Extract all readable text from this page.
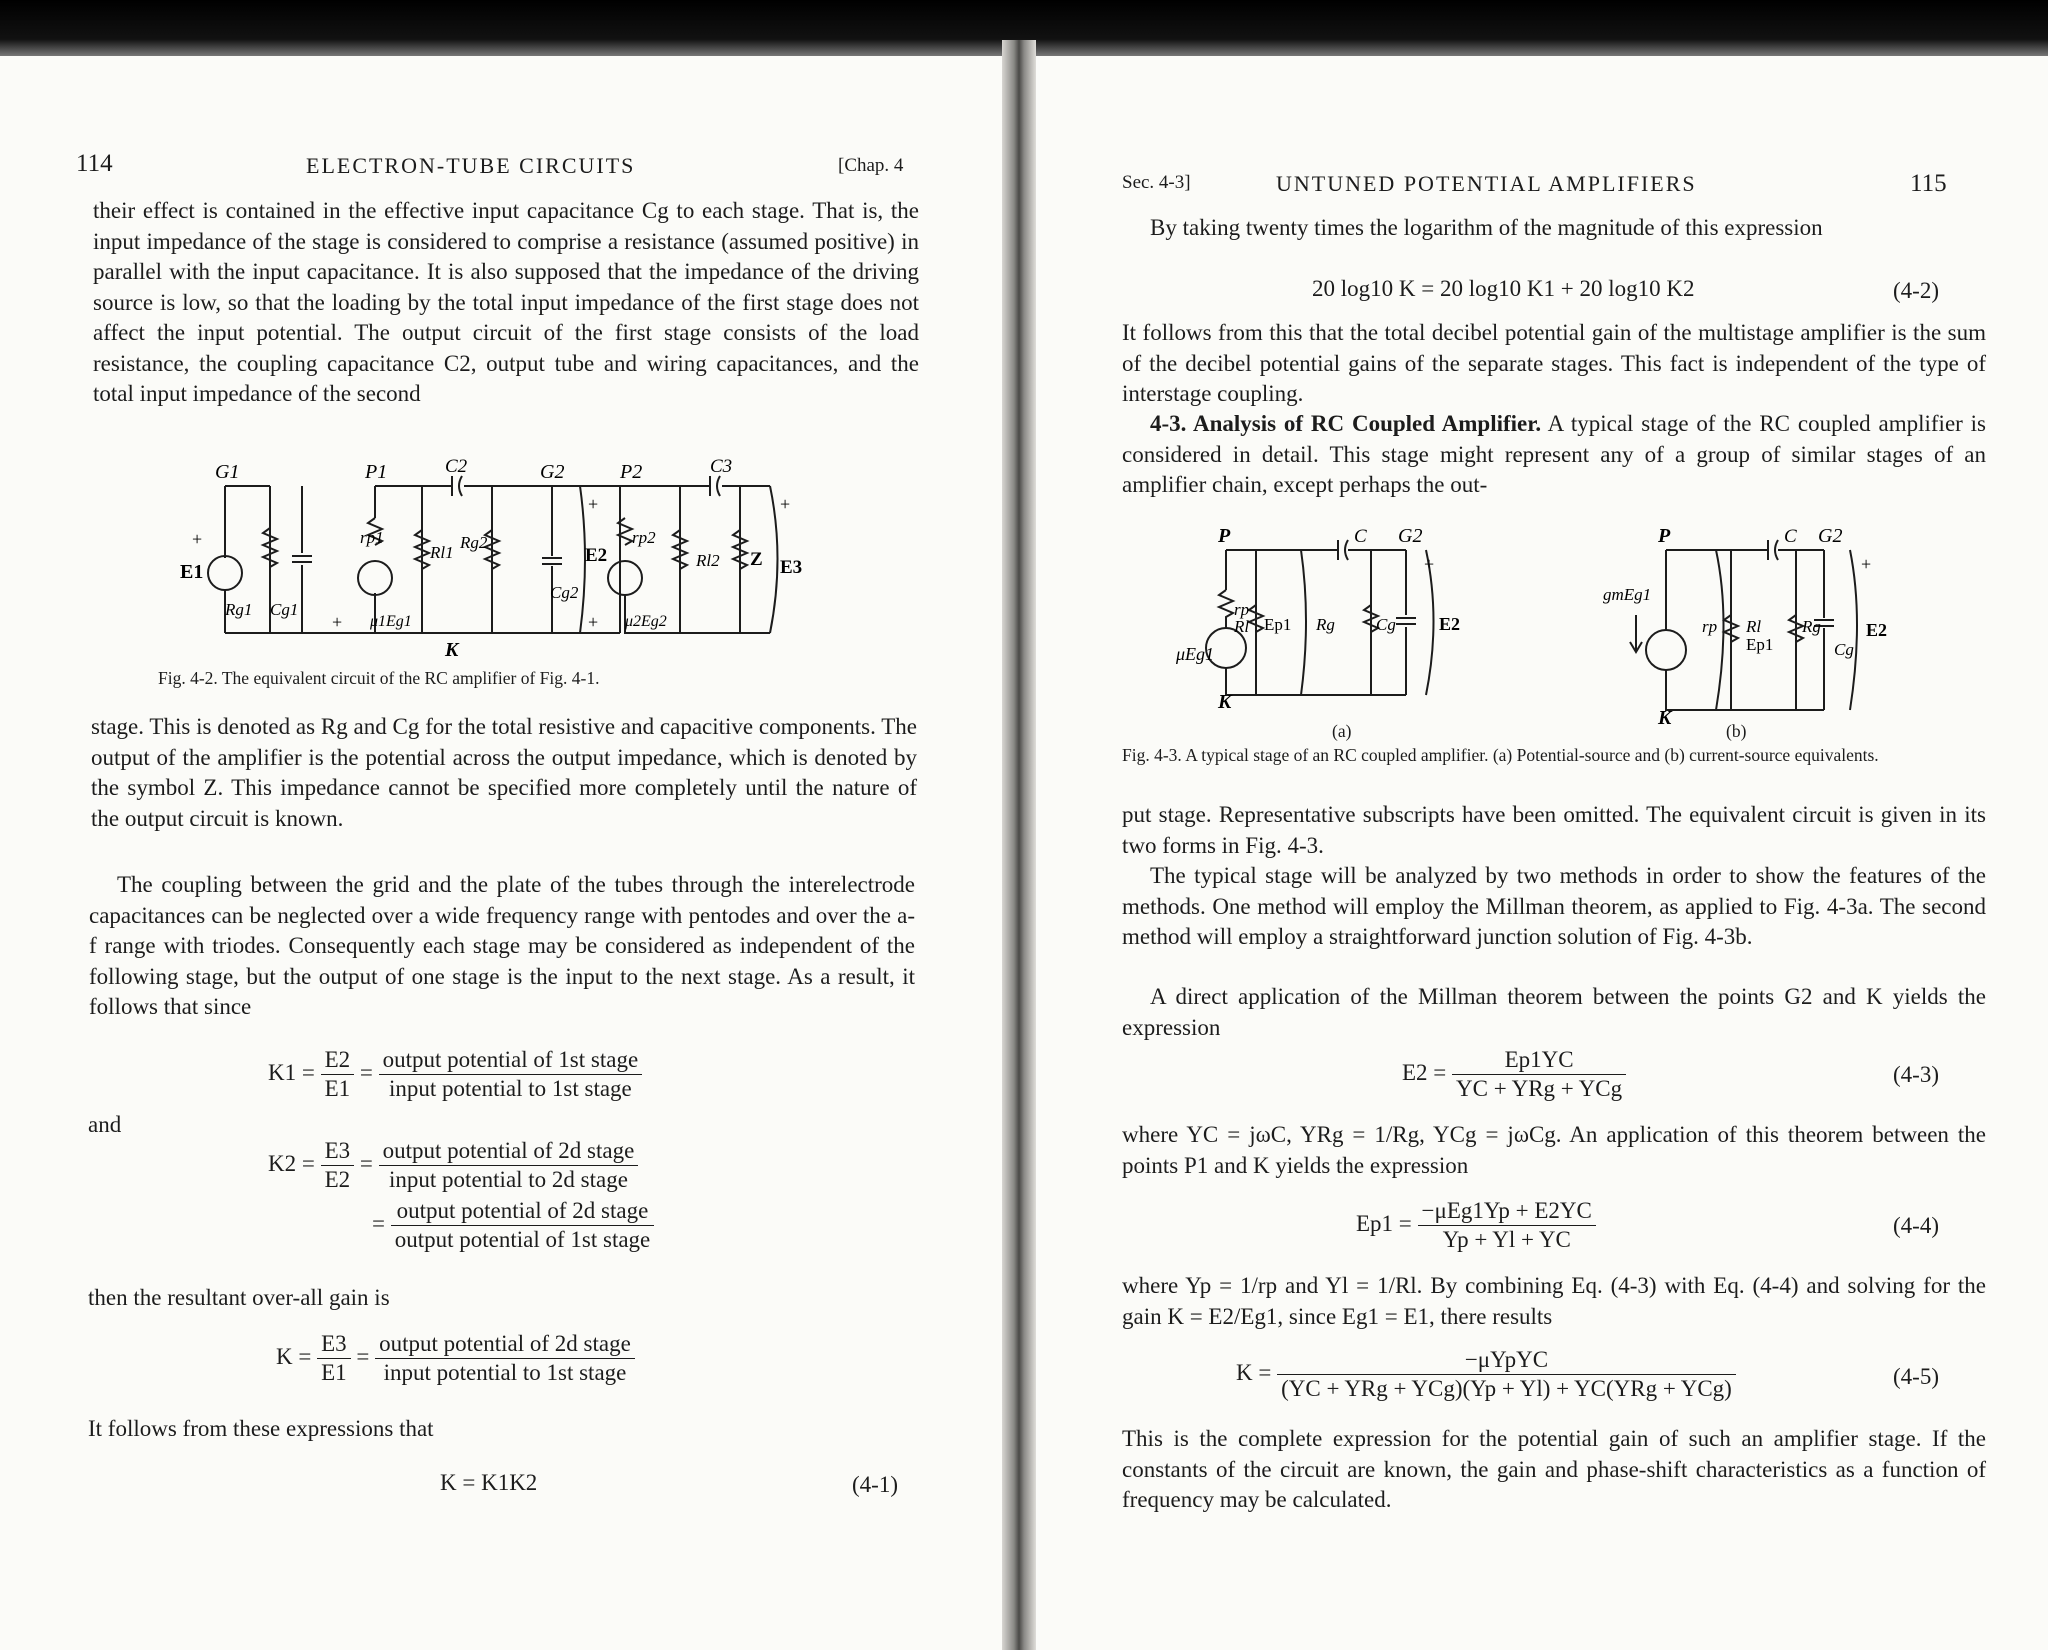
114	ELECTRON-TUBE CIRCUITS	[Chap. 4
their effect is contained in the effective input capacitance Cg to each stage. That is, the input impedance of the stage is considered to comprise a resistance (assumed positive) in parallel with the input capacitance. It is also supposed that the impedance of the driving source is low, so that the loading by the total input impedance of the first stage does not affect the input potential. The output circuit of the first stage consists of the load resistance, the coupling capacitance C2, output tube and wiring capacitances, and the total input impedance of the second
G1	P1	C2	G2	P2	C3
E1
Rg1 Cg1
rp1
μ1Eg1
Rl1
Rg2
Cg2
E2
rp2
μ2Eg2
Rl2 Z E3
K
+
+
+
+
+
Fig. 4-2. The equivalent circuit of the RC amplifier of Fig. 4-1.
stage. This is denoted as Rg and Cg for the total resistive and capacitive components. The output of the amplifier is the potential across the output impedance, which is denoted by the symbol Z. This impedance cannot be specified more completely until the nature of the output circuit is known.
The coupling between the grid and the plate of the tubes through the interelectrode capacitances can be neglected over a wide frequency range with pentodes and over the a-f range with triodes. Consequently each stage may be considered as independent of the following stage, but the output of one stage is the input to the next stage. As a result, it follows that since
$K1 = \frac{E2}{E1} = \frac{\text{output potential of 1st stage}}{\text{input potential to 1st stage}}$
and
$K2 = \frac{E3}{E2} = \frac{\text{output potential of 2d stage}}{\text{input potential to 2d stage}}$
= $\frac{\text{output potential of 2d stage}}{\text{output potential of 1st stage}}$
then the resultant over-all gain is
$K = \frac{E3}{E1} = \frac{\text{output potential of 2d stage}}{\text{input potential to 1st stage}}$
It follows from these expressions that
K = K1K2	(4-1)
Sec. 4-3]	UNTUNED POTENTIAL AMPLIFIERS	115
By taking twenty times the logarithm of the magnitude of this expression
20 log10 K = 20 log10 K1 + 20 log10 K2	(4-2)
It follows from this that the total decibel potential gain of the multistage amplifier is the sum of the decibel potential gains of the separate stages. This fact is independent of the type of interstage coupling.
4-3. Analysis of RC Coupled Amplifier. A typical stage of the RC coupled amplifier is considered in detail. This stage might represent any of a group of similar stages of an amplifier chain, except perhaps the out-
P	C G2
rp
Rl Ep1 Rg Cg E2
μEg1
K
P	C G2
gmEg1
rp Rl
Ep1
Rg
Cg
E2
K
+	+
(a)	(b)
Fig. 4-3. A typical stage of an RC coupled amplifier. (a) Potential-source and (b) current-source equivalents.
put stage. Representative subscripts have been omitted. The equivalent circuit is given in its two forms in Fig. 4-3.
The typical stage will be analyzed by two methods in order to show the features of the methods. One method will employ the Millman theorem, as applied to Fig. 4-3a. The second method will employ a straightforward junction solution of Fig. 4-3b.
A direct application of the Millman theorem between the points G2 and K yields the expression
$E2 = \frac{Ep1YC}{\text{YC + YRg + YCg}}$	(4-3)
where YC = jωC, YRg = 1/Rg, YCg = jωCg. An application of this theorem between the points P1 and K yields the expression
$Ep1 = \frac{\text{−μEg1Yp + E2YC}}{Yp + Yl + YC}$	(4-4)
where Yp = 1/rp and Yl = 1/Rl. By combining Eq. (4-3) with Eq. (4-4) and solving for the gain K = E2/Eg1, since Eg1 = E1, there results
$K = \frac{\text{−μYpYC}}{\text{(YC + YRg + YCg)(Yp + Yl) + YC(YRg + YCg)}}$	(4-5)
This is the complete expression for the potential gain of such an amplifier stage. If the constants of the circuit are known, the gain and phase-shift characteristics as a function of frequency may be calculated.
